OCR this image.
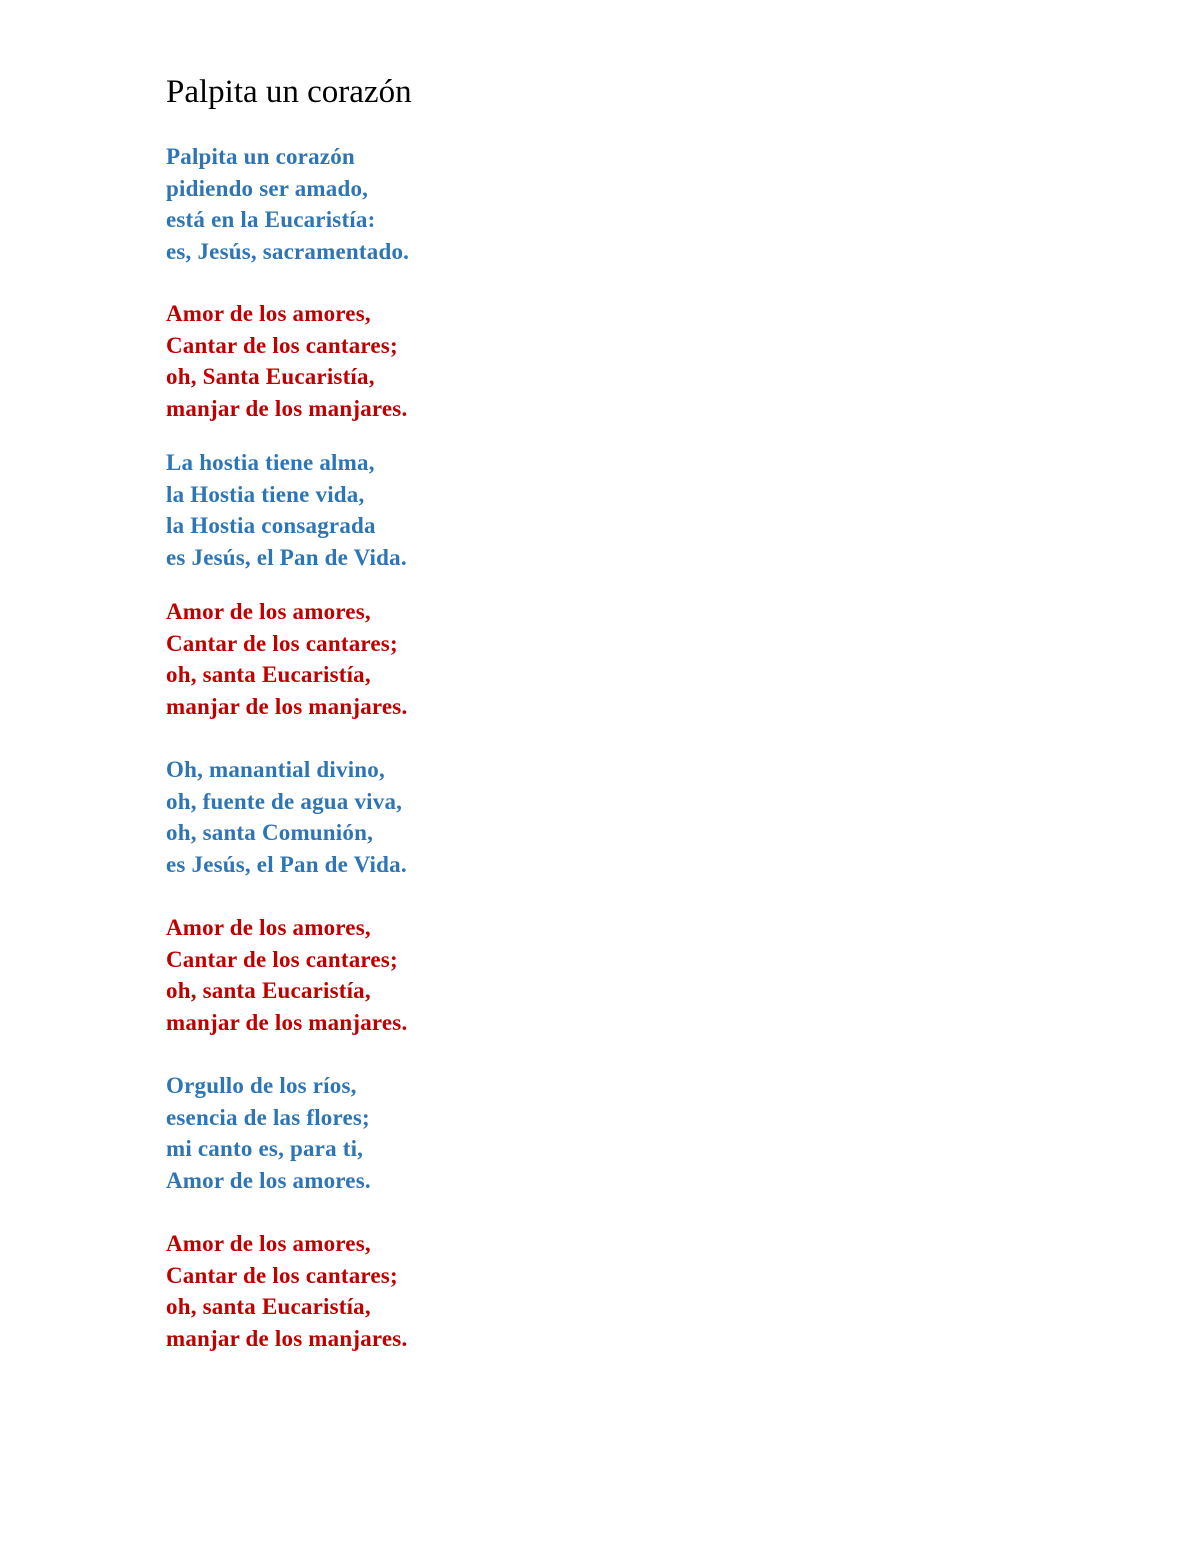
Palpita un corazón
Palpita un corazón
pidiendo ser amado,
está en la Eucaristía:
es, Jesús, sacramentado.
Amor de los amores,
Cantar de los cantares;
oh, Santa Eucaristía,
manjar de los manjares.
La hostia tiene alma,
la Hostia tiene vida,
la Hostia consagrada
es Jesús, el Pan de Vida.
Amor de los amores,
Cantar de los cantares;
oh, santa Eucaristía,
manjar de los manjares.
Oh, manantial divino,
oh, fuente de agua viva,
oh, santa Comunión,
es Jesús, el Pan de Vida.
Amor de los amores,
Cantar de los cantares;
oh, santa Eucaristía,
manjar de los manjares.
Orgullo de los ríos,
esencia de las flores;
mi canto es, para ti,
Amor de los amores.
Amor de los amores,
Cantar de los cantares;
oh, santa Eucaristía,
manjar de los manjares.
